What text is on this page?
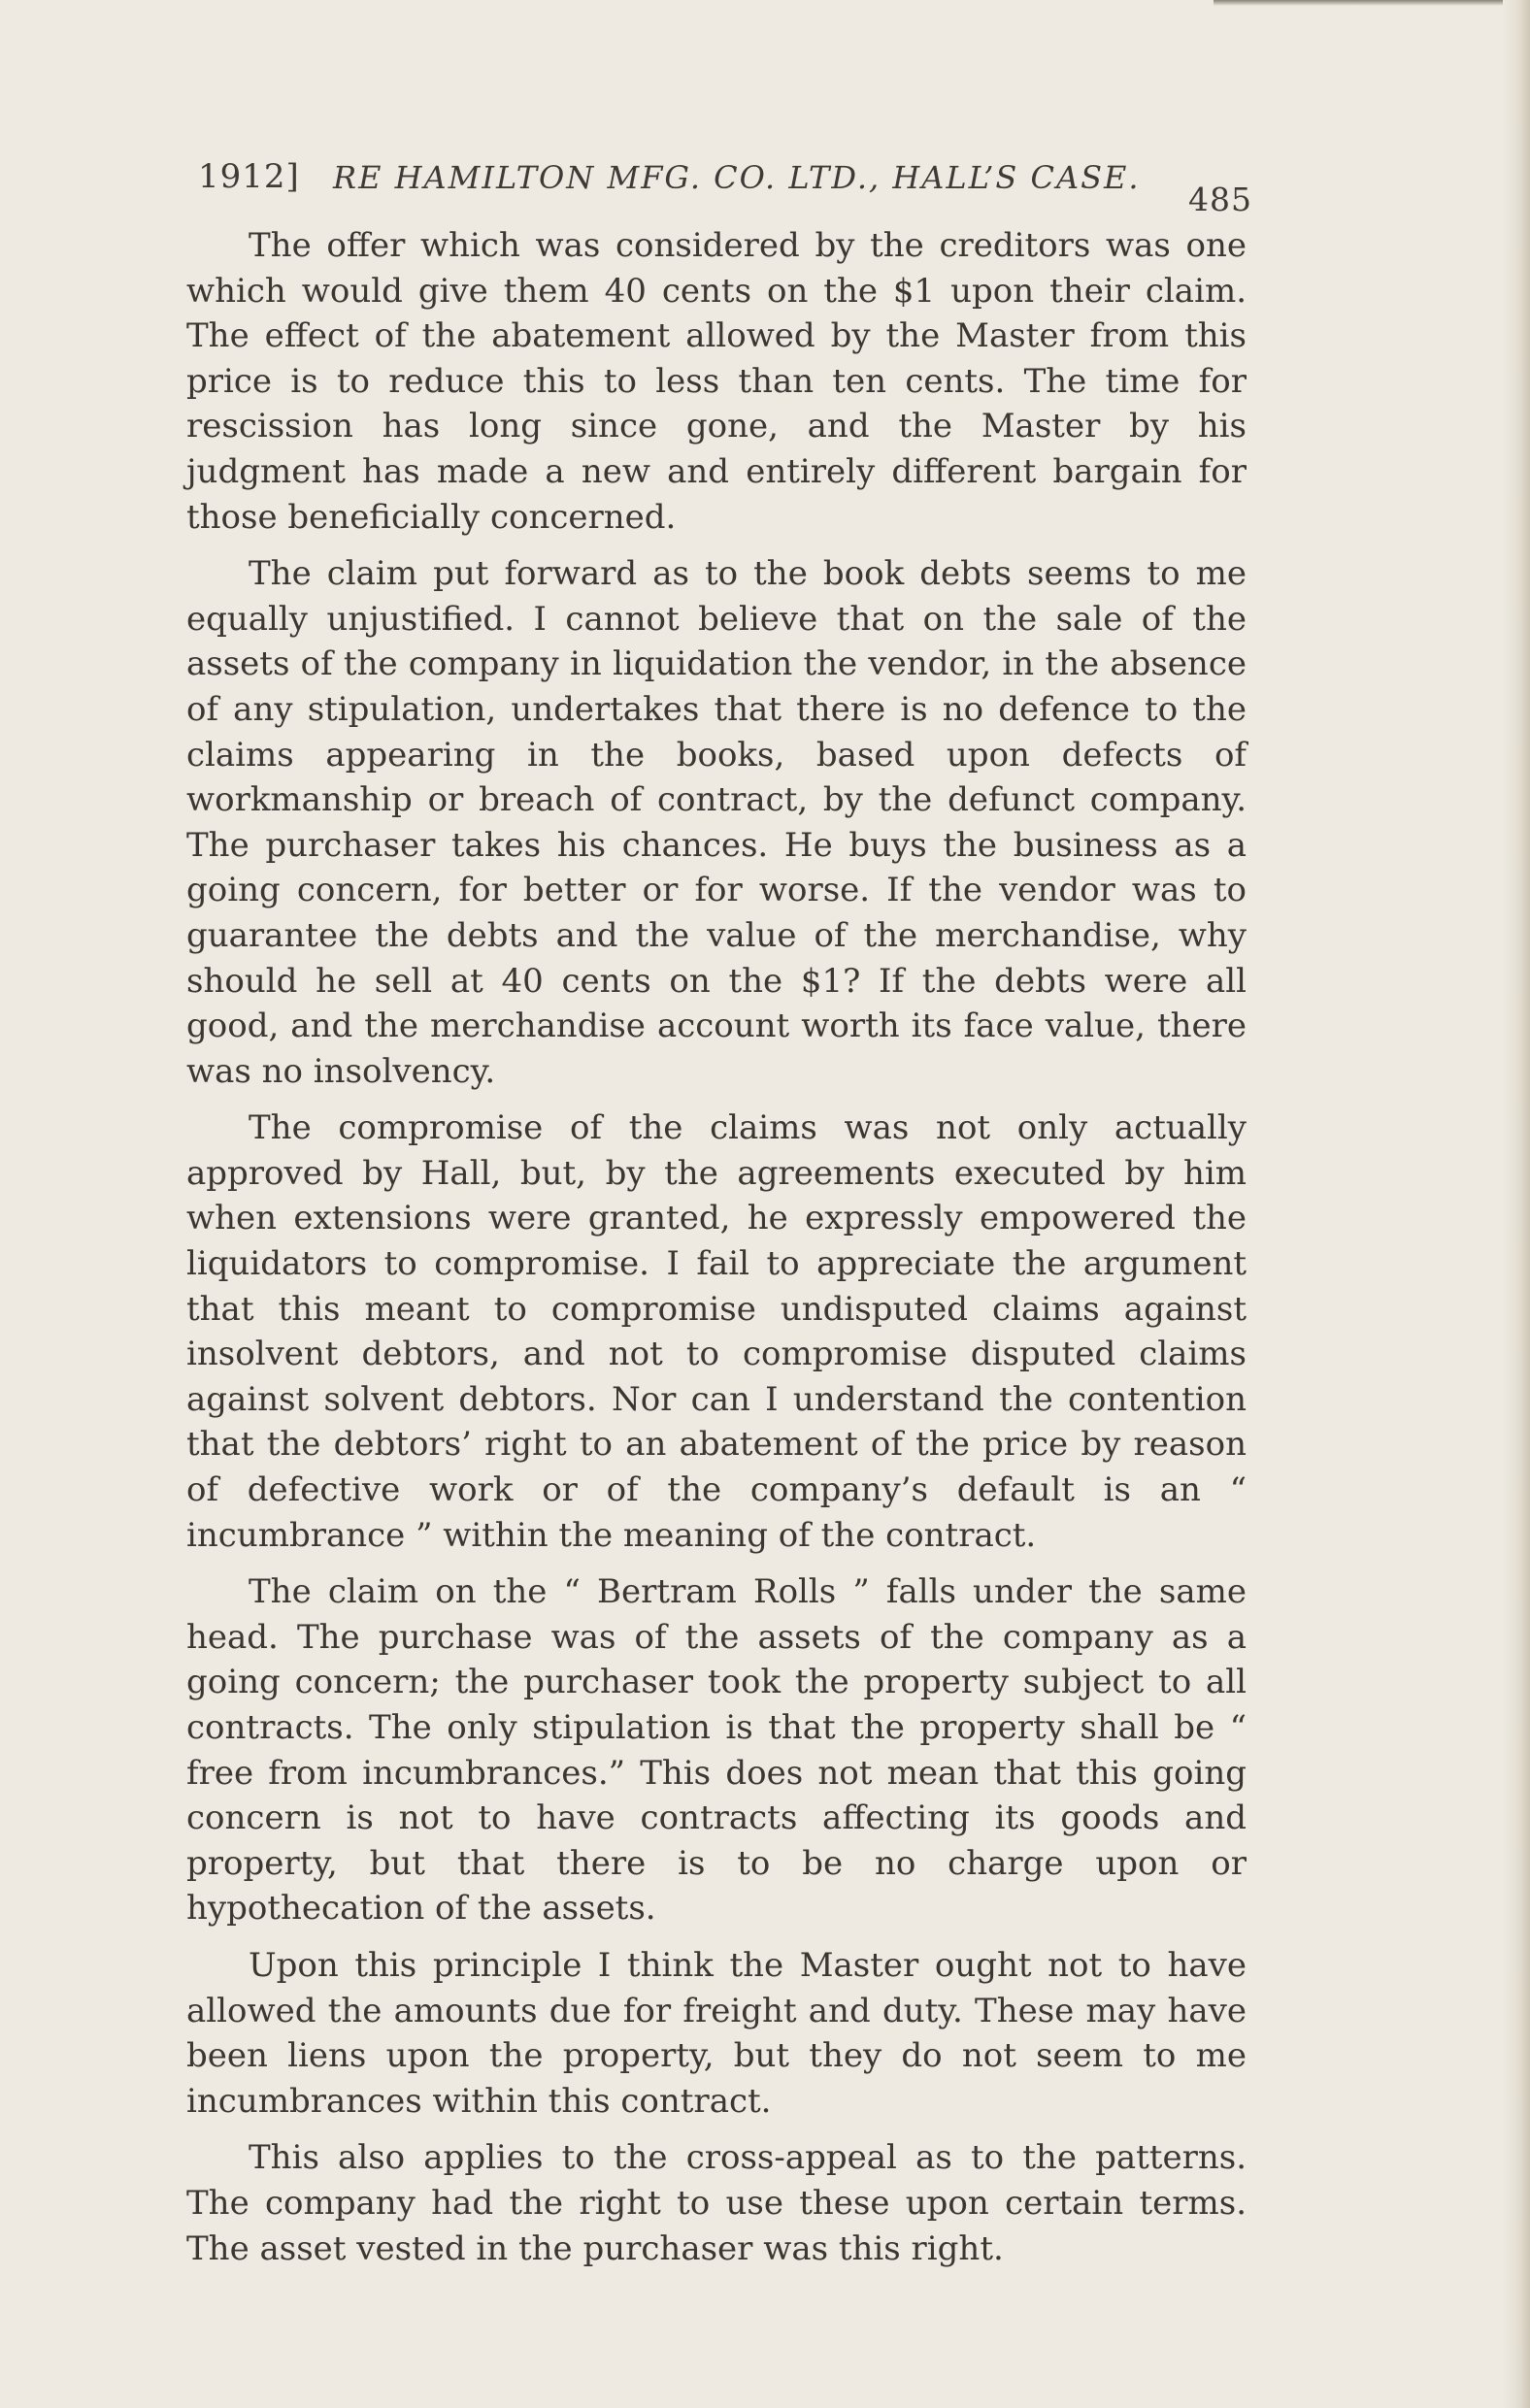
1912] RE HAMILTON MFG. CO. LTD., HALL’S CASE.
485

The offer which was considered by the creditors was one which would give them 40 cents on the $1 upon their claim. The effect of the abatement allowed by the Master from this price is to reduce this to less than ten cents. The time for rescission has long since gone, and the Master by his judgment has made a new and entirely different bargain for those beneficially concerned.

The claim put forward as to the book debts seems to me equally unjustified. I cannot believe that on the sale of the assets of the company in liquidation the vendor, in the absence of any stipulation, undertakes that there is no defence to the claims appearing in the books, based upon defects of workmanship or breach of contract, by the defunct company. The purchaser takes his chances. He buys the business as a going concern, for better or for worse. If the vendor was to guarantee the debts and the value of the merchandise, why should he sell at 40 cents on the $1? If the debts were all good, and the merchandise account worth its face value, there was no insolvency.

The compromise of the claims was not only actually approved by Hall, but, by the agreements executed by him when extensions were granted, he expressly empowered the liquidators to compromise. I fail to appreciate the argument that this meant to compromise undisputed claims against insolvent debtors, and not to compromise disputed claims against solvent debtors. Nor can I understand the contention that the debtors’ right to an abatement of the price by reason of defective work or of the company’s default is an “ incumbrance ” within the meaning of the contract.

The claim on the “ Bertram Rolls ” falls under the same head. The purchase was of the assets of the company as a going concern; the purchaser took the property subject to all contracts. The only stipulation is that the property shall be “ free from incumbrances.” This does not mean that this going concern is not to have contracts affecting its goods and property, but that there is to be no charge upon or hypothecation of the assets.

Upon this principle I think the Master ought not to have allowed the amounts due for freight and duty. These may have been liens upon the property, but they do not seem to me incumbrances within this contract.

This also applies to the cross-appeal as to the patterns. The company had the right to use these upon certain terms. The asset vested in the purchaser was this right.
